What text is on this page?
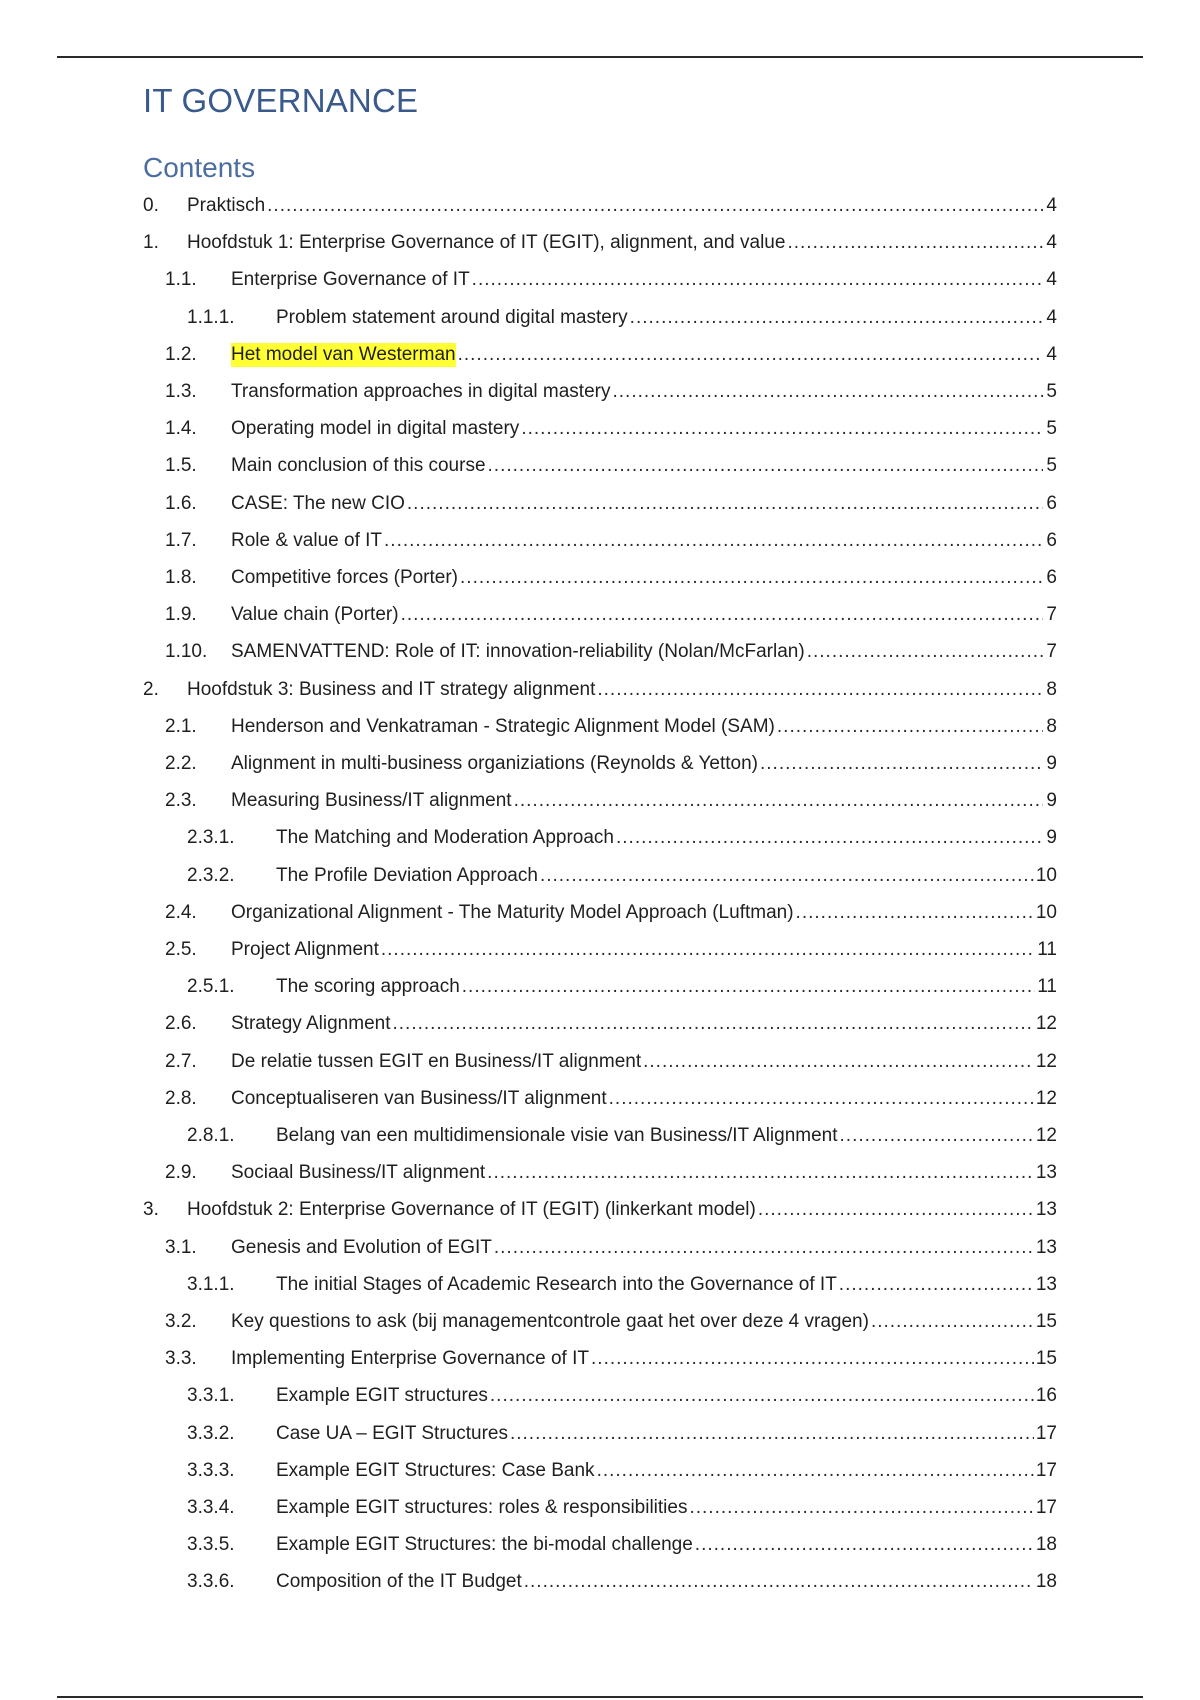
IT GOVERNANCE
Contents
0.	Praktisch .....	4
1.	Hoofdstuk 1: Enterprise Governance of IT (EGIT), alignment, and value .....	4
1.1.	Enterprise Governance of IT .....	4
1.1.1.	Problem statement around digital mastery .....	4
1.2.	Het model van Westerman .....	4
1.3.	Transformation approaches in digital mastery .....	5
1.4.	Operating model in digital mastery .....	5
1.5.	Main conclusion of this course .....	5
1.6.	CASE: The new CIO .....	6
1.7.	Role & value of IT .....	6
1.8.	Competitive forces (Porter) .....	6
1.9.	Value chain (Porter) .....	7
1.10.	SAMENVATTEND: Role of IT: innovation-reliability (Nolan/McFarlan) .....	7
2.	Hoofdstuk 3: Business and IT strategy alignment .....	8
2.1.	Henderson and Venkatraman - Strategic Alignment Model (SAM) .....	8
2.2.	Alignment in multi-business organiziations (Reynolds & Yetton) .....	9
2.3.	Measuring Business/IT alignment .....	9
2.3.1.	The Matching and Moderation Approach .....	9
2.3.2.	The Profile Deviation Approach .....	10
2.4.	Organizational Alignment - The Maturity Model Approach (Luftman) .....	10
2.5.	Project Alignment .....	11
2.5.1.	The scoring approach .....	11
2.6.	Strategy Alignment .....	12
2.7.	De relatie tussen EGIT en Business/IT alignment .....	12
2.8.	Conceptualiseren van Business/IT alignment .....	12
2.8.1.	Belang van een multidimensionale visie van Business/IT Alignment .....	12
2.9.	Sociaal Business/IT alignment .....	13
3.	Hoofdstuk 2: Enterprise Governance of IT (EGIT) (linkerkant model) .....	13
3.1.	Genesis and Evolution of EGIT .....	13
3.1.1.	The initial Stages of Academic Research into the Governance of IT .....	13
3.2.	Key questions to ask (bij managementcontrole gaat het over deze 4 vragen) .....	15
3.3.	Implementing Enterprise Governance of IT .....	15
3.3.1.	Example EGIT structures .....	16
3.3.2.	Case UA – EGIT Structures .....	17
3.3.3.	Example EGIT Structures: Case Bank .....	17
3.3.4.	Example EGIT structures: roles & responsibilities .....	17
3.3.5.	Example EGIT Structures: the bi-modal challenge .....	18
3.3.6.	Composition of the IT Budget .....	18
